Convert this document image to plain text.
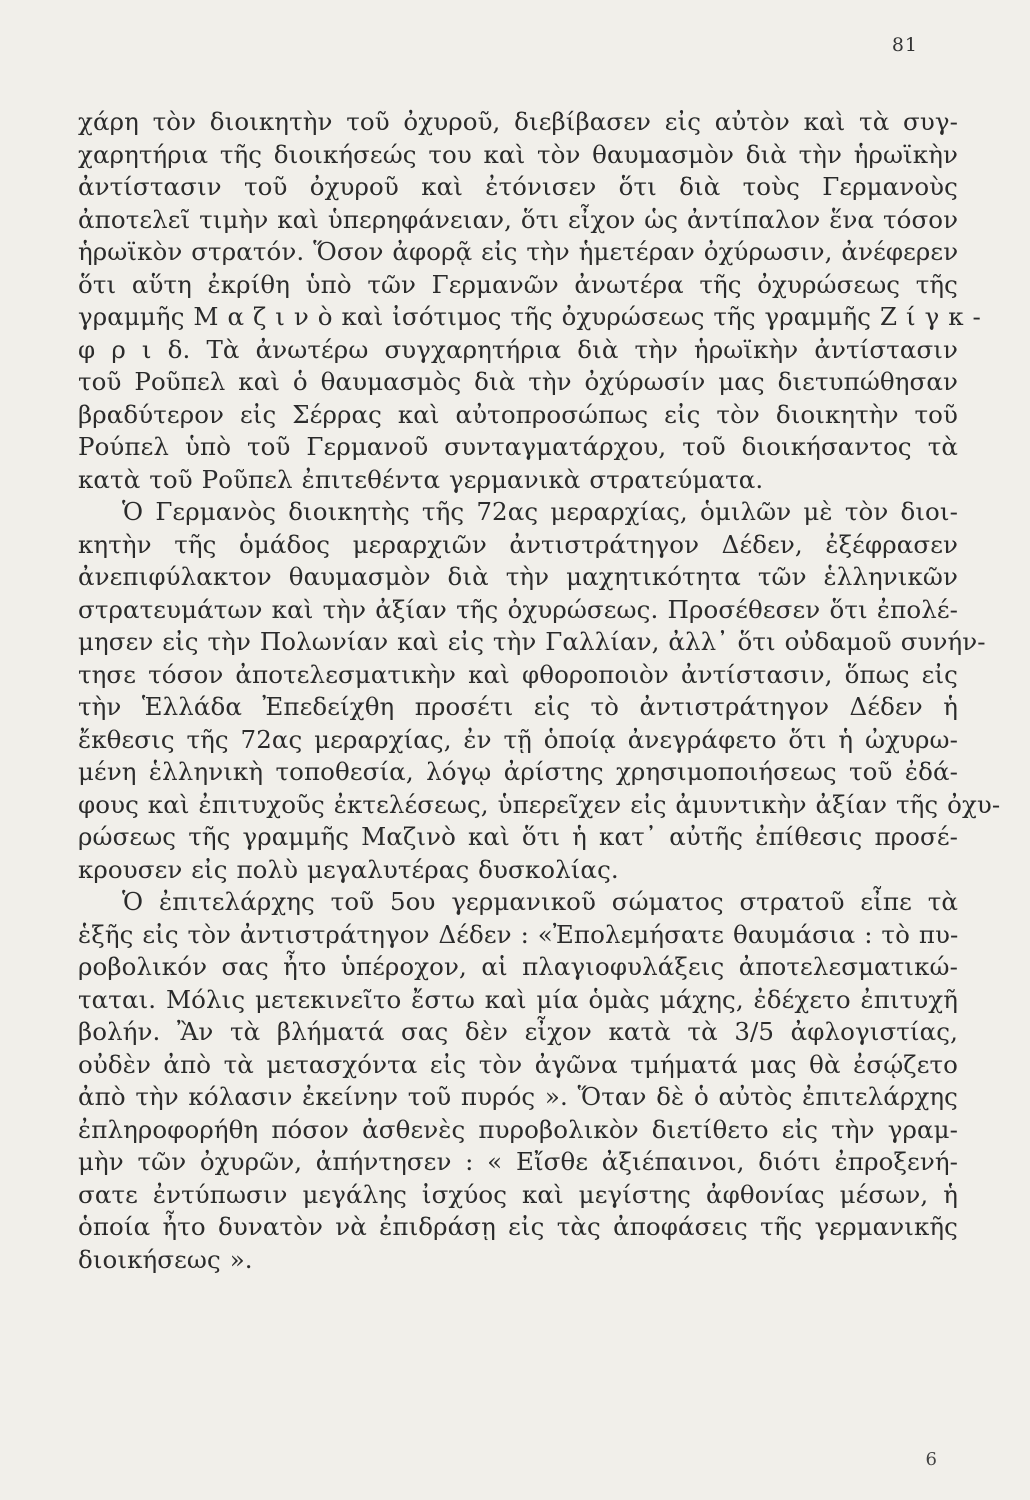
81
χάρη τὸν διοικητὴν τοῦ ὀχυροῦ, διεβίβασεν εἰς αὐτὸν καὶ τὰ συγ-
χαρητήρια τῆς διοικήσεώς του καὶ τὸν θαυμασμὸν διὰ τὴν ἡρωϊκὴν
ἀντίστασιν τοῦ ὀχυροῦ καὶ ἐτόνισεν ὅτι διὰ τοὺς Γερμανοὺς
ἀποτελεῖ τιμὴν καὶ ὑπερηφάνειαν, ὅτι εἶχον ὡς ἀντίπαλον ἕνα τόσον
ἡρωϊκὸν στρατόν. Ὅσον ἀφορᾷ εἰς τὴν ἡμετέραν ὀχύρωσιν, ἀνέφερεν
ὅτι αὕτη ἐκρίθη ὑπὸ τῶν Γερμανῶν ἀνωτέρα τῆς ὀχυρώσεως τῆς
γραμμῆς Μ α ζ ι ν ὸ καὶ ἰσότιμος τῆς ὀχυρώσεως τῆς γραμμῆς Ζ ί γ κ -
φ ρ ι δ. Τὰ ἀνωτέρω συγχαρητήρια διὰ τὴν ἡρωϊκὴν ἀντίστασιν
τοῦ Ροῦπελ καὶ ὁ θαυμασμὸς διὰ τὴν ὀχύρωσίν μας διετυπώθησαν
βραδύτερον εἰς Σέρρας καὶ αὐτοπροσώπως εἰς τὸν διοικητὴν τοῦ
Ρούπελ ὑπὸ τοῦ Γερμανοῦ συνταγματάρχου, τοῦ διοικήσαντος τὰ
κατὰ τοῦ Ροῦπελ ἐπιτεθέντα γερμανικὰ στρατεύματα.
Ὁ Γερμανὸς διοικητὴς τῆς 72ας μεραρχίας, ὁμιλῶν μὲ τὸν διοι-
κητὴν τῆς ὁμάδος μεραρχιῶν ἀντιστράτηγον Δέδεν, ἐξέφρασεν
ἀνεπιφύλακτον θαυμασμὸν διὰ τὴν μαχητικότητα τῶν ἑλληνικῶν
στρατευμάτων καὶ τὴν ἀξίαν τῆς ὀχυρώσεως. Προσέθεσεν ὅτι ἐπολέ-
μησεν εἰς τὴν Πολωνίαν καὶ εἰς τὴν Γαλλίαν, ἀλλ᾽ ὅτι οὐδαμοῦ συνήν-
τησε τόσον ἀποτελεσματικὴν καὶ φθοροποιὸν ἀντίστασιν, ὅπως εἰς
τὴν Ἑλλάδα Ἐπεδείχθη προσέτι εἰς τὸ ἀντιστράτηγον Δέδεν ἡ
ἔκθεσις τῆς 72ας μεραρχίας, ἐν τῇ ὁποίᾳ ἀνεγράφετο ὅτι ἡ ὠχυρω-
μένη ἑλληνικὴ τοποθεσία, λόγῳ ἀρίστης χρησιμοποιήσεως τοῦ ἐδά-
φους καὶ ἐπιτυχοῦς ἐκτελέσεως, ὑπερεῖχεν εἰς ἀμυντικὴν ἀξίαν τῆς ὀχυ-
ρώσεως τῆς γραμμῆς Μαζινὸ καὶ ὅτι ἡ κατ᾽ αὐτῆς ἐπίθεσις προσέ-
κρουσεν εἰς πολὺ μεγαλυτέρας δυσκολίας.
Ὁ ἐπιτελάρχης τοῦ 5ου γερμανικοῦ σώματος στρατοῦ εἶπε τὰ
ἑξῆς εἰς τὸν ἀντιστράτηγον Δέδεν : «Ἐπολεμήσατε θαυμάσια : τὸ πυ-
ροβολικόν σας ἦτο ὑπέροχον, αἱ πλαγιοφυλάξεις ἀποτελεσματικώ-
ταται. Μόλις μετεκινεῖτο ἔστω καὶ μία ὁμὰς μάχης, ἐδέχετο ἐπιτυχῆ
βολήν. Ἂν τὰ βλήματά σας δὲν εἶχον κατὰ τὰ 3/5 ἀφλογιστίας,
οὐδὲν ἀπὸ τὰ μετασχόντα εἰς τὸν ἀγῶνα τμήματά μας θὰ ἐσῴζετο
ἀπὸ τὴν κόλασιν ἐκείνην τοῦ πυρός ». Ὅταν δὲ ὁ αὐτὸς ἐπιτελάρχης
ἐπληροφορήθη πόσον ἀσθενὲς πυροβολικὸν διετίθετο εἰς τὴν γραμ-
μὴν τῶν ὀχυρῶν, ἀπήντησεν : « Εἴσθε ἀξιέπαινοι, διότι ἐπροξενή-
σατε ἐντύπωσιν μεγάλης ἰσχύος καὶ μεγίστης ἀφθονίας μέσων, ἡ
ὁποία ἦτο δυνατὸν νὰ ἐπιδράσῃ εἰς τὰς ἀποφάσεις τῆς γερμανικῆς
διοικήσεως ».
6
